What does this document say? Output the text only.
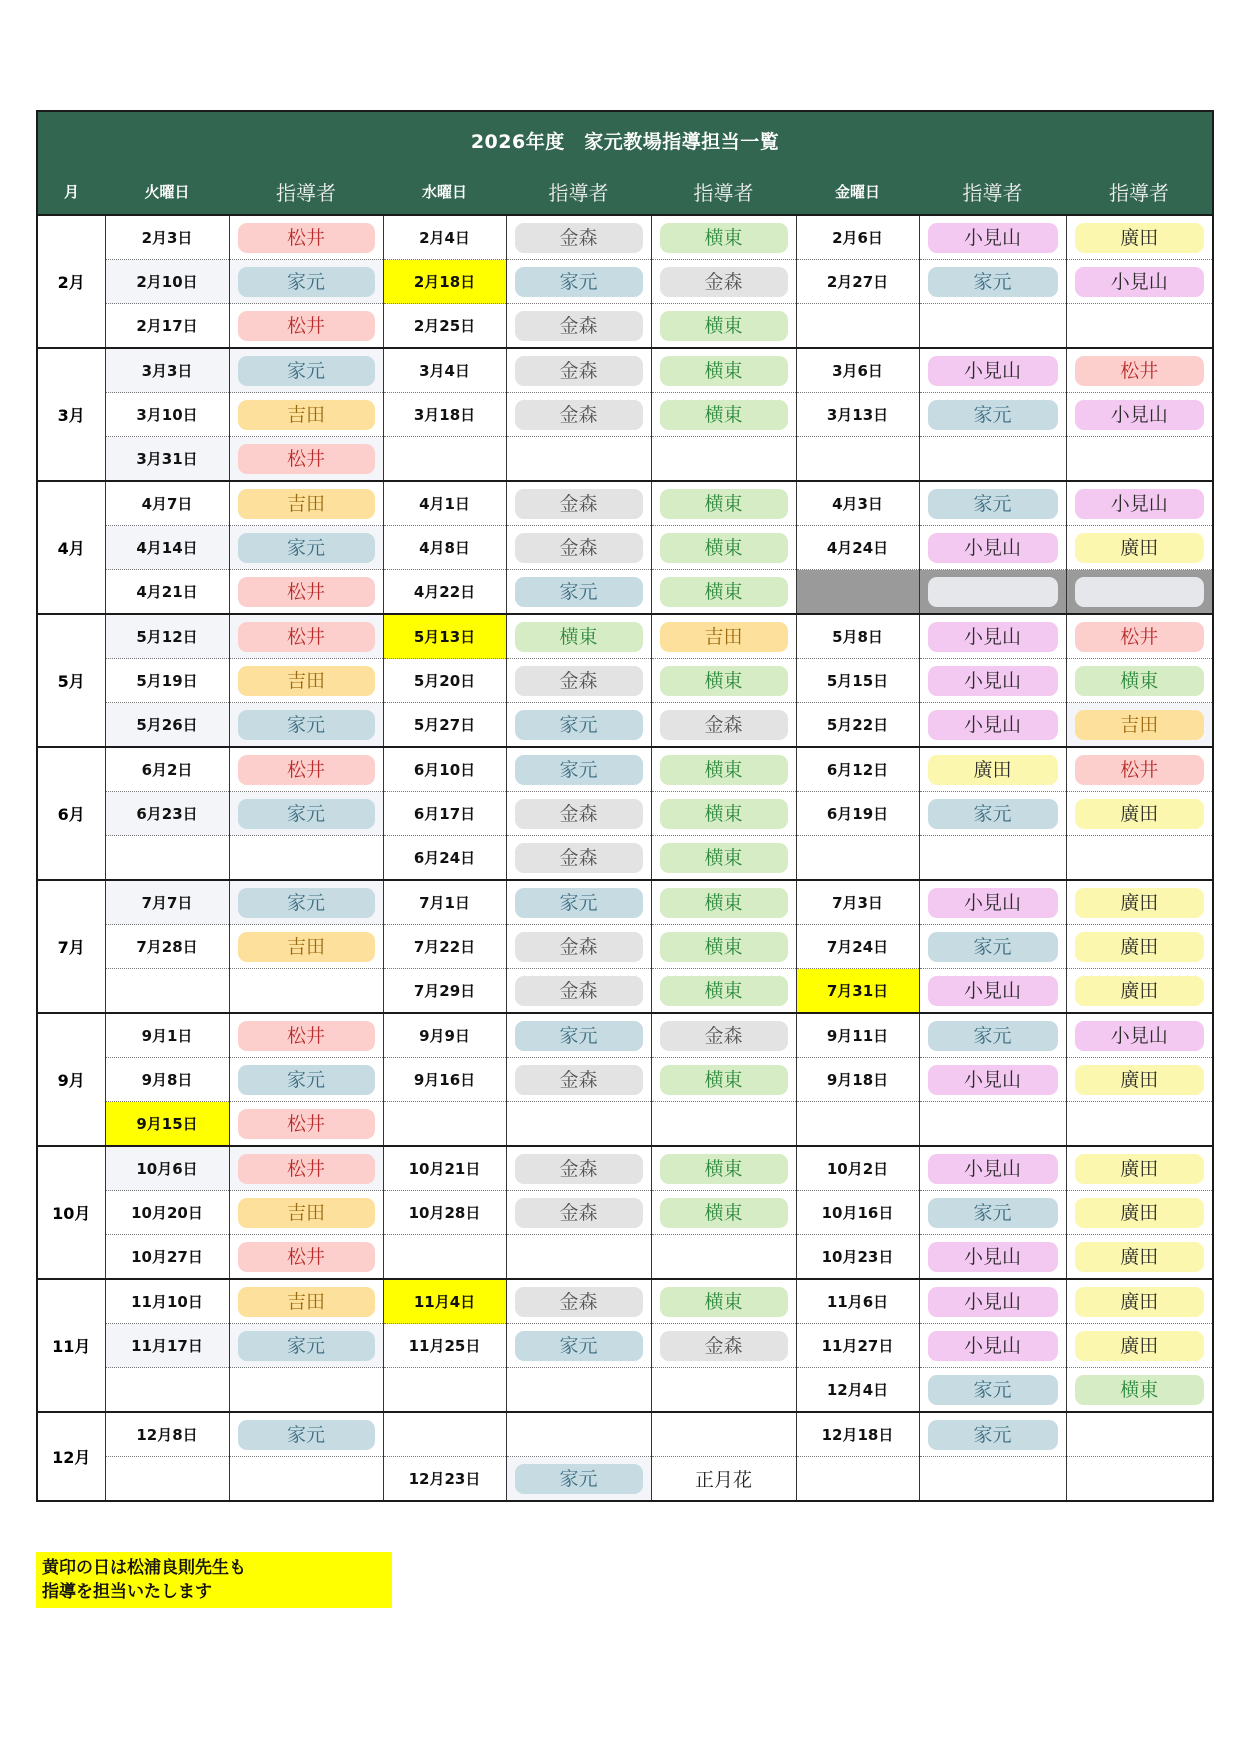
2026年度　家元教場指導担当一覧								
月	火曜日	指導者	水曜日	指導者	指導者	金曜日	指導者	指導者
2月	2月3日	松井	2月4日	金森	横東	2月6日	小見山	廣田

	2月10日	家元	2月18日	家元	金森	2月27日	家元	小見山

	2月17日	松井	2月25日	金森	横東			

3月	3月3日	家元	3月4日	金森	横東	3月6日	小見山	松井

	3月10日	吉田	3月18日	金森	横東	3月13日	家元	小見山

	3月31日	松井						

4月	4月7日	吉田	4月1日	金森	横東	4月3日	家元	小見山

	4月14日	家元	4月8日	金森	横東	4月24日	小見山	廣田

	4月21日	松井	4月22日	家元	横東			

5月	5月12日	松井	5月13日	横東	吉田	5月8日	小見山	松井

	5月19日	吉田	5月20日	金森	横東	5月15日	小見山	横東

	5月26日	家元	5月27日	家元	金森	5月22日	小見山	吉田

6月	6月2日	松井	6月10日	家元	横東	6月12日	廣田	松井

	6月23日	家元	6月17日	金森	横東	6月19日	家元	廣田

			6月24日	金森	横東			

7月	7月7日	家元	7月1日	家元	横東	7月3日	小見山	廣田

	7月28日	吉田	7月22日	金森	横東	7月24日	家元	廣田

			7月29日	金森	横東	7月31日	小見山	廣田

9月	9月1日	松井	9月9日	家元	金森	9月11日	家元	小見山

	9月8日	家元	9月16日	金森	横東	9月18日	小見山	廣田

	9月15日	松井						

10月	10月6日	松井	10月21日	金森	横東	10月2日	小見山	廣田

	10月20日	吉田	10月28日	金森	横東	10月16日	家元	廣田

	10月27日	松井				10月23日	小見山	廣田

11月	11月10日	吉田	11月4日	金森	横東	11月6日	小見山	廣田

	11月17日	家元	11月25日	家元	金森	11月27日	小見山	廣田

						12月4日	家元	横東

12月	12月8日	家元				12月18日	家元	

			12月23日	家元	正月花			
黄印の日は松浦良則先生も
指導を担当いたします
